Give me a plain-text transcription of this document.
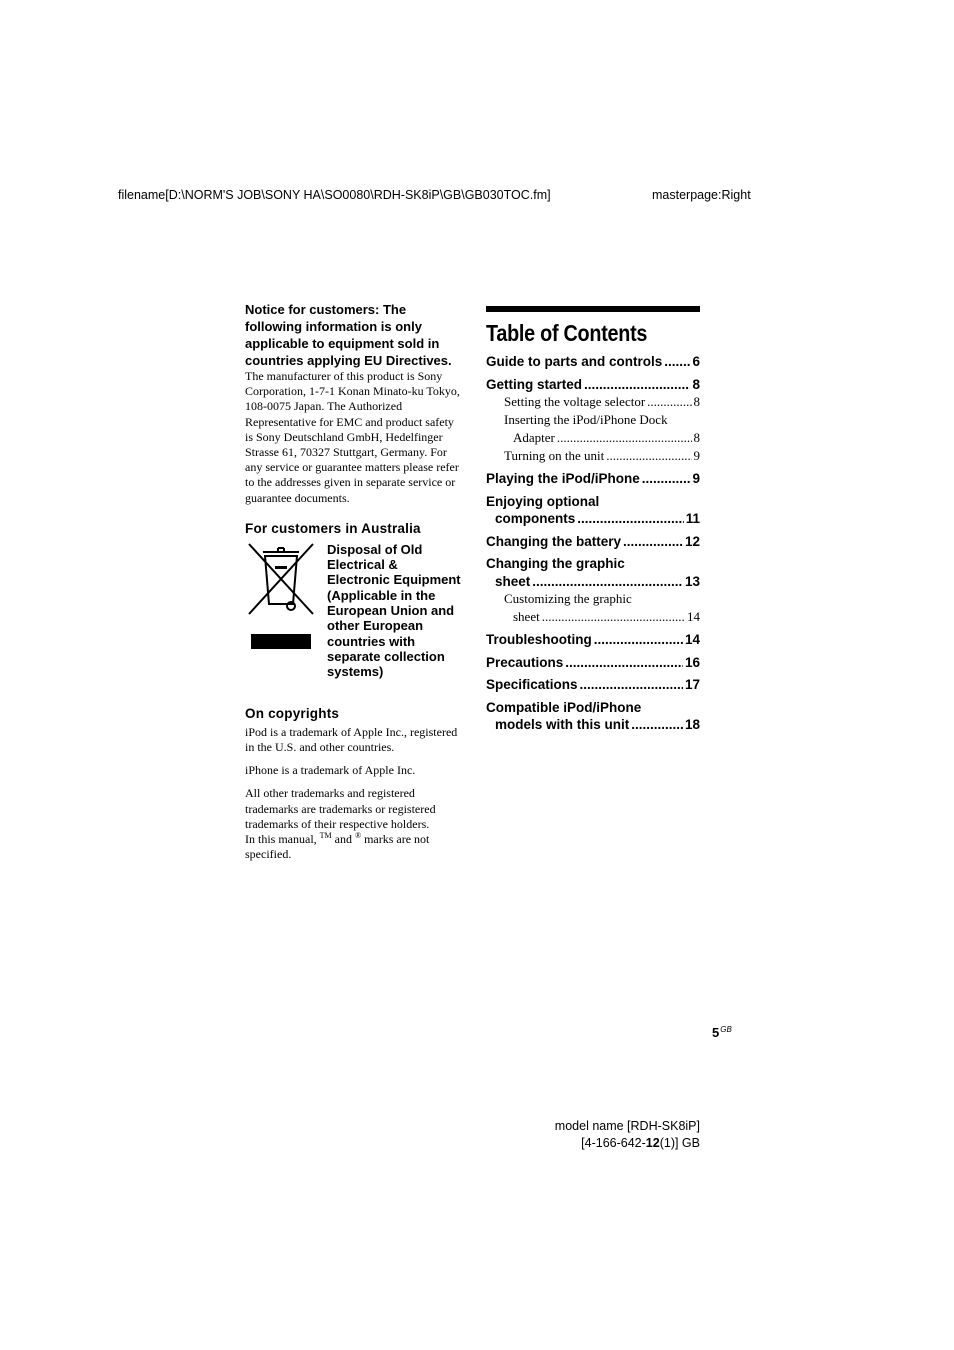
filename[D:\NORM'S JOB\SONY HA\SO0080\RDH-SK8iP\GB\GB030TOC.fm]	masterpage:Right
Notice for customers: The following information is only applicable to equipment sold in countries applying EU Directives.
The manufacturer of this product is Sony Corporation, 1-7-1 Konan Minato-ku Tokyo, 108-0075 Japan. The Authorized Representative for EMC and product safety is Sony Deutschland GmbH, Hedelfinger Strasse 61, 70327 Stuttgart, Germany. For any service or guarantee matters please refer to the addresses given in separate service or guarantee documents.
For customers in Australia
Disposal of Old Electrical & Electronic Equipment (Applicable in the European Union and other European countries with separate collection systems)
On copyrights

iPod is a trademark of Apple Inc., registered in the U.S. and other countries.

iPhone is a trademark of Apple Inc.

All other trademarks and registered trademarks are trademarks or registered trademarks of their respective holders.
In this manual, ™ and ® marks are not specified.

Table of Contents
Guide to parts and controls ..... 6
Getting started .....	8
Setting the voltage selector .....	8
Inserting the iPod/iPhone Dock
Adapter .....	8
Turning on the unit .....	9
Playing the iPod/iPhone .....	9
Enjoying optional
components .....	11
Changing the battery .....	12
Changing the graphic
sheet .....	13
Customizing the graphic
sheet .....	14
Troubleshooting .....	14
Precautions .....	16
Specifications .....	17
Compatible iPod/iPhone
models with this unit .....	18
$5^{GB}$
model name [RDH-SK8iP]
[4-166-642-12(1)] GB
